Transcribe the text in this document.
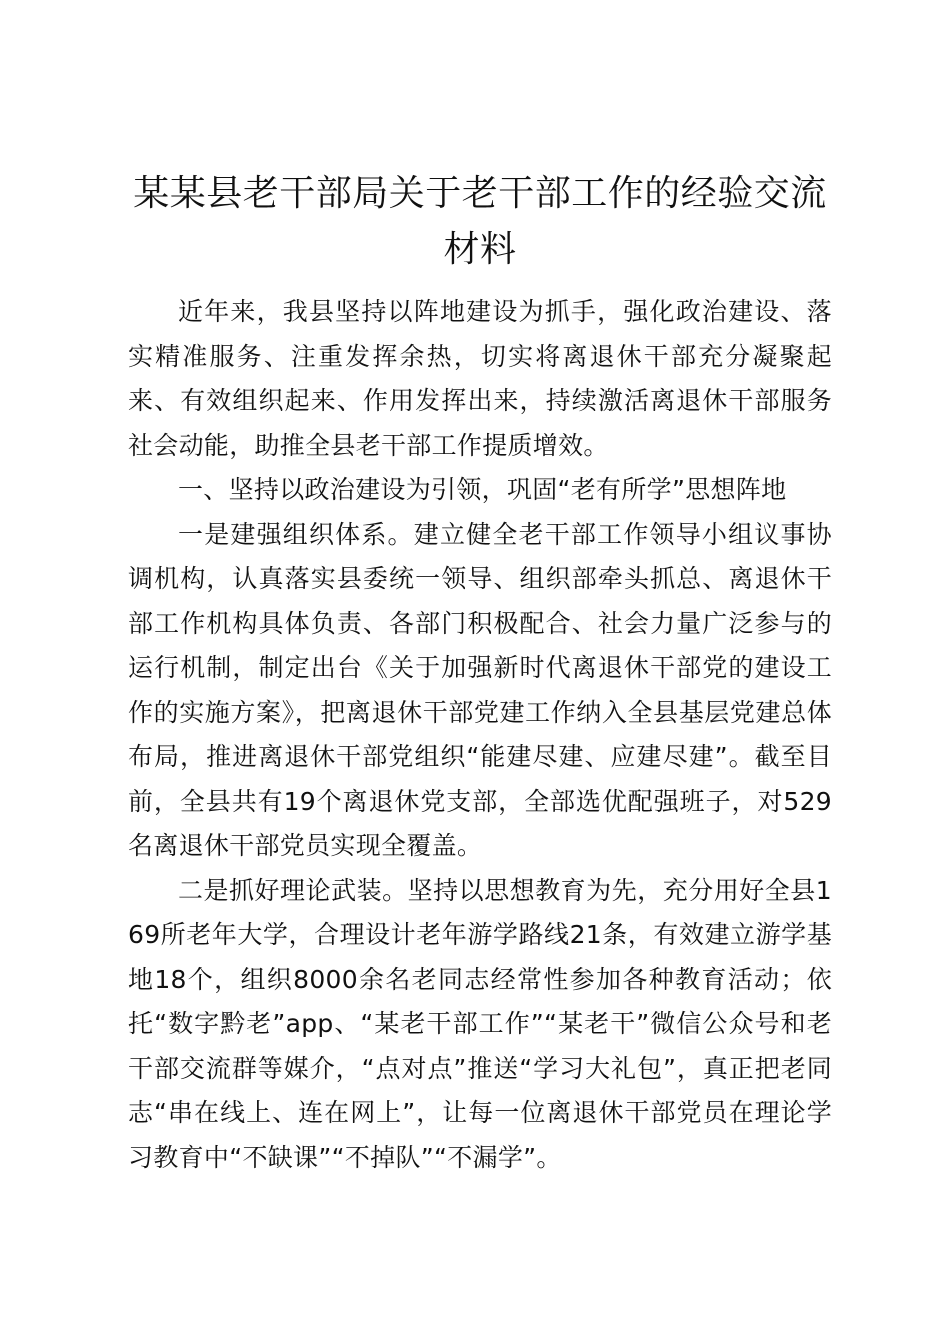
某某县老干部局关于老干部工作的经验交流材料

近年来，我县坚持以阵地建设为抓手，强化政治建设、落实精准服务、注重发挥余热，切实将离退休干部充分凝聚起来、有效组织起来、作用发挥出来，持续激活离退休干部服务社会动能，助推全县老干部工作提质增效。

一、坚持以政治建设为引领，巩固“老有所学”思想阵地

一是建强组织体系。建立健全老干部工作领导小组议事协调机构，认真落实县委统一领导、组织部牵头抓总、离退休干部工作机构具体负责、各部门积极配合、社会力量广泛参与的运行机制，制定出台《关于加强新时代离退休干部党的建设工作的实施方案》，把离退休干部党建工作纳入全县基层党建总体布局，推进离退休干部党组织“能建尽建、应建尽建”。截至目前，全县共有19个离退休党支部，全部选优配强班子，对529名离退休干部党员实现全覆盖。

二是抓好理论武装。坚持以思想教育为先，充分用好全县169所老年大学，合理设计老年游学路线21条，有效建立游学基地18个，组织8000余名老同志经常性参加各种教育活动；依托“数字黔老”app、“某老干部工作”“某老干”微信公众号和老干部交流群等媒介，“点对点”推送“学习大礼包”，真正把老同志“串在线上、连在网上”，让每一位离退休干部党员在理论学习教育中“不缺课”“不掉队”“不漏学”。
